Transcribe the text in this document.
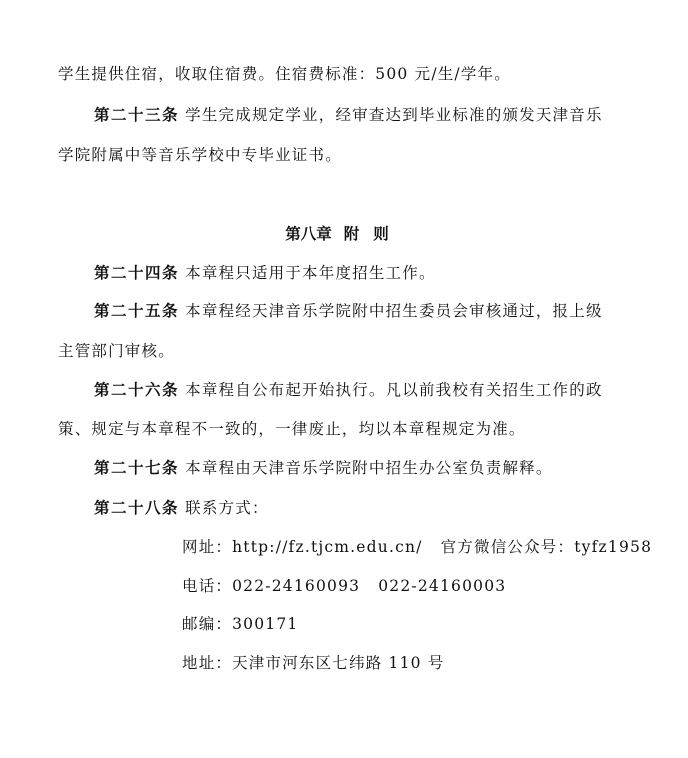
学生提供住宿，收取住宿费。住宿费标准：500 元/生/学年。
第二十三条 学生完成规定学业，经审查达到毕业标准的颁发天津音乐
学院附属中等音乐学校中专毕业证书。
第八章 附则
第二十四条 本章程只适用于本年度招生工作。
第二十五条 本章程经天津音乐学院附中招生委员会审核通过，报上级
主管部门审核。
第二十六条 本章程自公布起开始执行。凡以前我校有关招生工作的政
策、规定与本章程不一致的，一律废止，均以本章程规定为准。
第二十七条 本章程由天津音乐学院附中招生办公室负责解释。
第二十八条 联系方式：
网址：http://fz.tjcm.edu.cn/ 官方微信公众号：tyfz1958
电话：022-24160093 022-24160003
邮编：300171
地址：天津市河东区七纬路 110 号
